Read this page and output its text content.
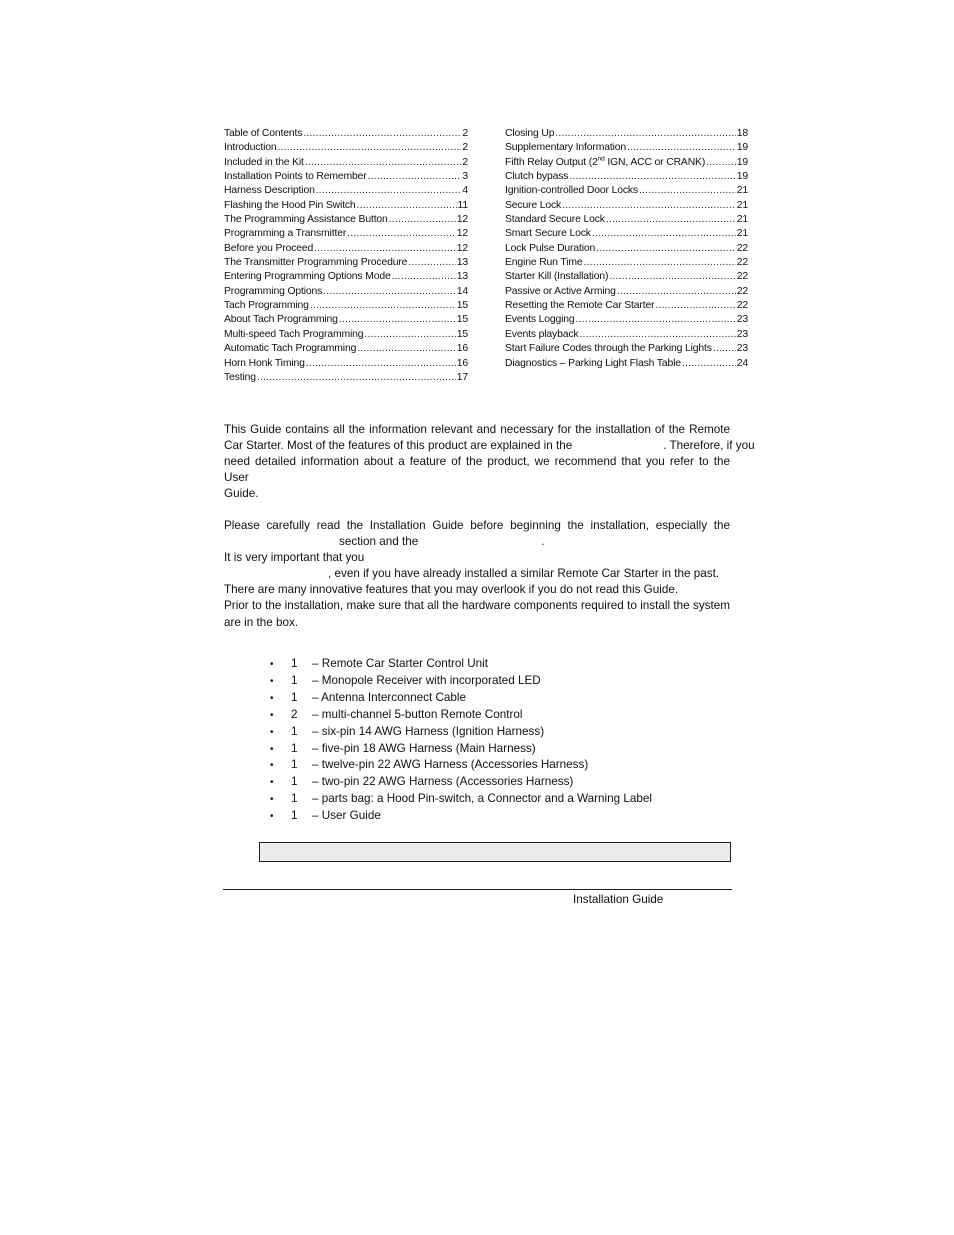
Table of Contents .....	2
Introduction .....	2
Included in the Kit .....	2
Installation Points to Remember .....	3
Harness Description .....	4
Flashing the Hood Pin Switch .....	11
The Programming Assistance Button .....	12
Programming a Transmitter .....	12
Before you Proceed .....	12
The Transmitter Programming Procedure .....	13
Entering Programming Options Mode .....	13
Programming Options .....	14
Tach Programming .....	15
About Tach Programming .....	15
Multi-speed Tach Programming .....	15
Automatic Tach Programming .....	16
Horn Honk Timing .....	16
Testing .....	17
Closing Up .....	18
Supplementary Information .....	19
Fifth Relay Output (2nd IGN, ACC or CRANK) .....	19
Clutch bypass .....	19
Ignition-controlled Door Locks .....	21
Secure Lock .....	21
Standard Secure Lock .....	21
Smart Secure Lock .....	21
Lock Pulse Duration .....	22
Engine Run Time .....	22
Starter Kill (Installation) .....	22
Passive or Active Arming .....	22
Resetting the Remote Car Starter .....	22
Events Logging .....	23
Events playback .....	23
Start Failure Codes through the Parking Lights ..... 23
Diagnostics – Parking Light Flash Table .....	24
This Guide contains all the information relevant and necessary for the installation of the Remote
Car Starter. Most of the features of this product are explained in the	. Therefore, if you
need detailed information about a feature of the product, we recommend that you refer to the User
Guide.
Please carefully read the Installation Guide before beginning the installation, especially the
section and the	.
It is very important that you
, even if you have already installed a similar Remote Car Starter in the past.
There are many innovative features that you may overlook if you do not read this Guide.
Prior to the installation, make sure that all the hardware components required to install the system
are in the box.
•	1	– Remote Car Starter Control Unit
•	1	– Monopole Receiver with incorporated LED
•	1	– Antenna Interconnect Cable
•	2	– multi-channel 5-button Remote Control
•	1	– six-pin 14 AWG Harness (Ignition Harness)
•	1	– five-pin 18 AWG Harness (Main Harness)
•	1	– twelve-pin 22 AWG Harness (Accessories Harness)
•	1	– two-pin 22 AWG Harness (Accessories Harness)
•	1	– parts bag: a Hood Pin-switch, a Connector and a Warning Label
•	1	– User Guide
Installation Guide
